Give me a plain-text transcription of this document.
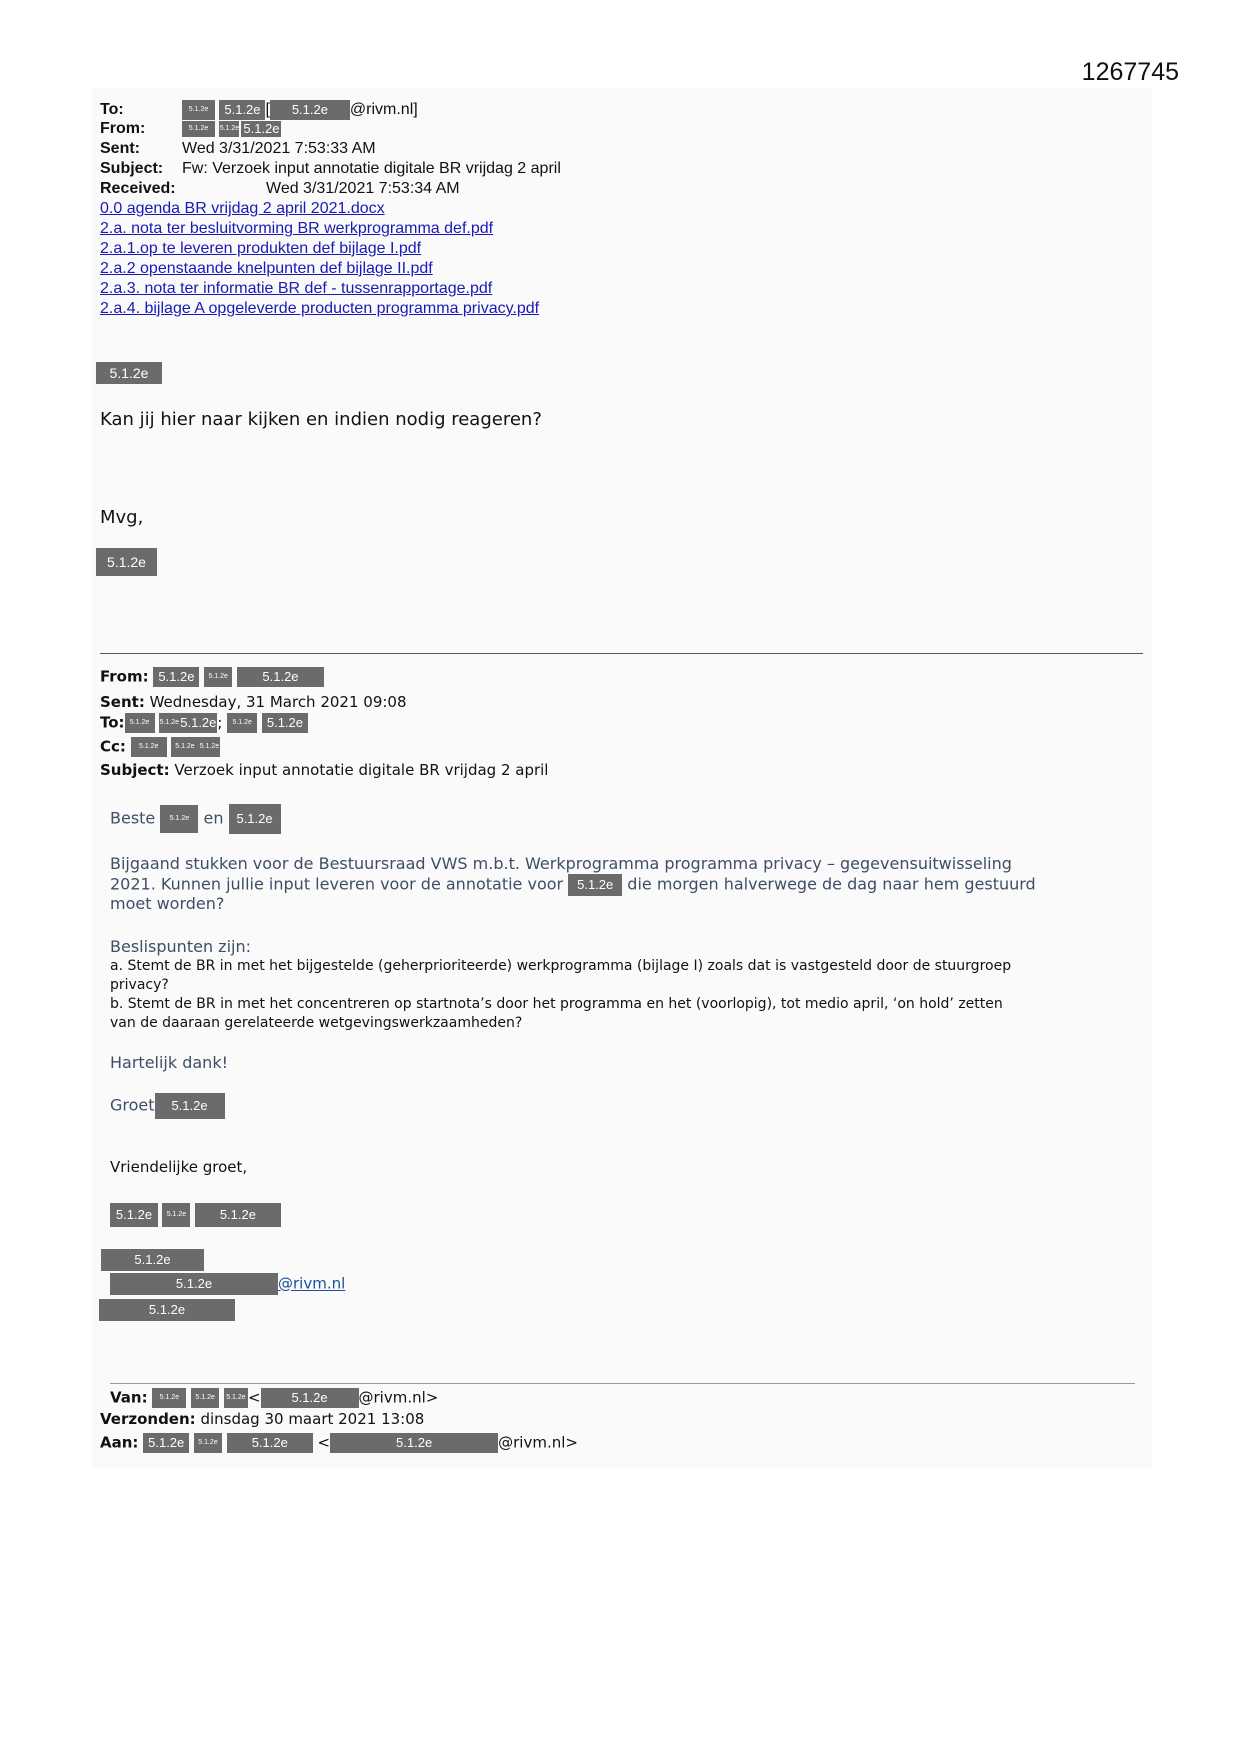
1267745
To:	5.1.2e 5.1.2e [ 5.1.2e @rivm.nl]
From:	5.1.2e 5.1.2e 5.1.2e
Sent:	Wed 3/31/2021 7:53:33 AM
Subject: Fw: Verzoek input annotatie digitale BR vrijdag 2 april
Received:	Wed 3/31/2021 7:53:34 AM
0.0 agenda BR vrijdag 2 april 2021.docx
2.a. nota ter besluitvorming BR werkprogramma def.pdf
2.a.1.op te leveren produkten def bijlage I.pdf
2.a.2 openstaande knelpunten def bijlage II.pdf
2.a.3. nota ter informatie BR def - tussenrapportage.pdf
2.a.4. bijlage A opgeleverde producten programma privacy.pdf
5.1.2e
Kan jij hier naar kijken en indien nodig reageren?
Mvg,
5.1.2e
From: 5.1.2e 5.1.2e	5.1.2e
Sent: Wednesday, 31 March 2021 09:08
To: 5.1.2e 5.1.2e5.1.2e; 5.1.2e 5.1.2e
Cc: 5.1.2e 5.1.2e 5.1.2e
Subject: Verzoek input annotatie digitale BR vrijdag 2 april
Beste 5.1.2e en 5.1.2e
Bijgaand stukken voor de Bestuursraad VWS m.b.t. Werkprogramma programma privacy – gegevensuitwisseling
2021. Kunnen jullie input leveren voor de annotatie voor 5.1.2e die morgen halverwege de dag naar hem gestuurd
moet worden?
Beslispunten zijn:
a. Stemt de BR in met het bijgestelde (geherprioriteerde) werkprogramma (bijlage I) zoals dat is vastgesteld door de stuurgroep
privacy?
b. Stemt de BR in met het concentreren op startnota’s door het programma en het (voorlopig), tot medio april, ‘on hold’ zetten
van de daaraan gerelateerde wetgevingswerkzaamheden?
Hartelijk dank!
Groet 5.1.2e
Vriendelijke groet,
5.1.2e 5.1.2e	5.1.2e
5.1.2e
5.1.2e	@rivm.nl
5.1.2e
Van: 5.1.2e 5.1.2e 5.1.2e < 5.1.2e @rivm.nl>
Verzonden: dinsdag 30 maart 2021 13:08
Aan: 5.1.2e 5.1.2e	5.1.2e <	5.1.2e	@rivm.nl>
